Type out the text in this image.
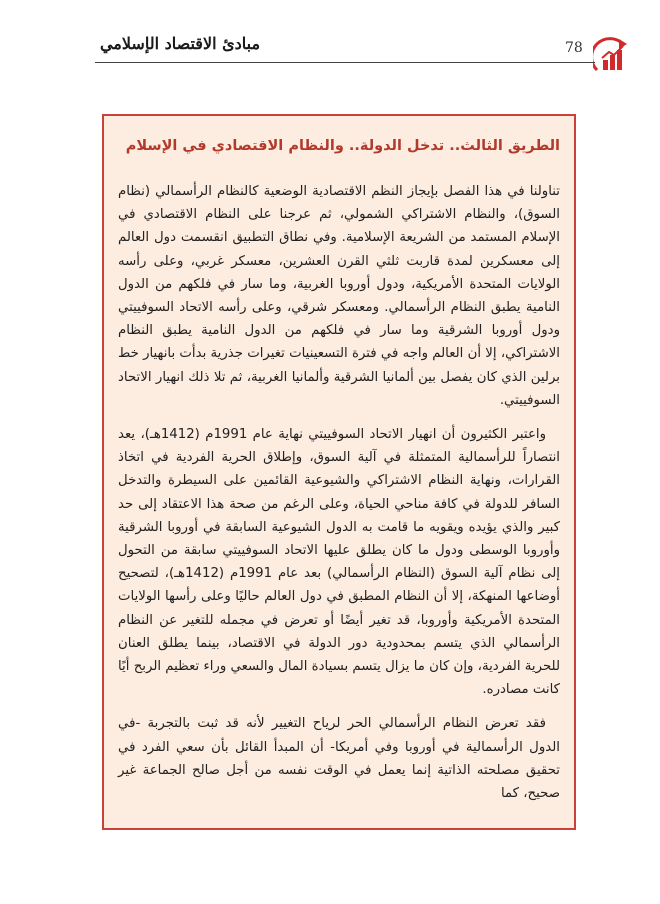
78
مبادئ الاقتصاد الإسلامي
الطريق الثالث.. تدخل الدولة.. والنظام الاقتصادي في الإسلام

تناولنا في هذا الفصل بإيجاز النظم الاقتصادية الوضعية كالنظام الرأسمالي (نظام السوق)، والنظام الاشتراكي الشمولي، ثم عرجنا على النظام الاقتصادي في الإسلام المستمد من الشريعة الإسلامية. وفي نطاق التطبيق انقسمت دول العالم إلى معسكرين لمدة قاربت ثلثي القرن العشرين، معسكر غربي، وعلى رأسه الولايات المتحدة الأمريكية، ودول أوروبا الغربية، وما سار في فلكهم من الدول النامية يطبق النظام الرأسمالي. ومعسكر شرقي، وعلى رأسه الاتحاد السوفييتي ودول أوروبا الشرقية وما سار في فلكهم من الدول النامية يطبق النظام الاشتراكي، إلا أن العالم واجه في فترة التسعينيات تغيرات جذرية بدأت بانهيار خط برلين الذي كان يفصل بين ألمانيا الشرقية وألمانيا الغربية، ثم تلا ذلك انهيار الاتحاد السوفييتي.

واعتبر الكثيرون أن انهيار الاتحاد السوفييتي نهاية عام 1991م (1412هـ)، يعد انتصاراً للرأسمالية المتمثلة في آلية السوق، وإطلاق الحرية الفردية في اتخاذ القرارات، ونهاية النظام الاشتراكي والشيوعية القائمين على السيطرة والتدخل السافر للدولة في كافة مناحي الحياة، وعلى الرغم من صحة هذا الاعتقاد إلى حد كبير والذي يؤيده ويقويه ما قامت به الدول الشيوعية السابقة في أوروبا الشرقية وأوروبا الوسطى ودول ما كان يطلق عليها الاتحاد السوفييتي سابقة من التحول إلى نظام آلية السوق (النظام الرأسمالي) بعد عام 1991م (1412هـ)، لتصحيح أوضاعها المنهكة، إلا أن النظام المطبق في دول العالم حاليًا وعلى رأسها الولايات المتحدة الأمريكية وأوروبا، قد تغير أيضًا أو تعرض في مجمله للتغير عن النظام الرأسمالي الذي يتسم بمحدودية دور الدولة في الاقتصاد، بينما يطلق العنان للحرية الفردية، وإن كان ما يزال يتسم بسيادة المال والسعي وراء تعظيم الربح أيًا كانت مصادره.

فقد تعرض النظام الرأسمالي الحر لرياح التغيير لأنه قد ثبت بالتجربة -في الدول الرأسمالية في أوروبا وفي أمريكا- أن المبدأ القائل بأن سعي الفرد في تحقيق مصلحته الذاتية إنما يعمل في الوقت نفسه من أجل صالح الجماعة غير صحيح، كما
